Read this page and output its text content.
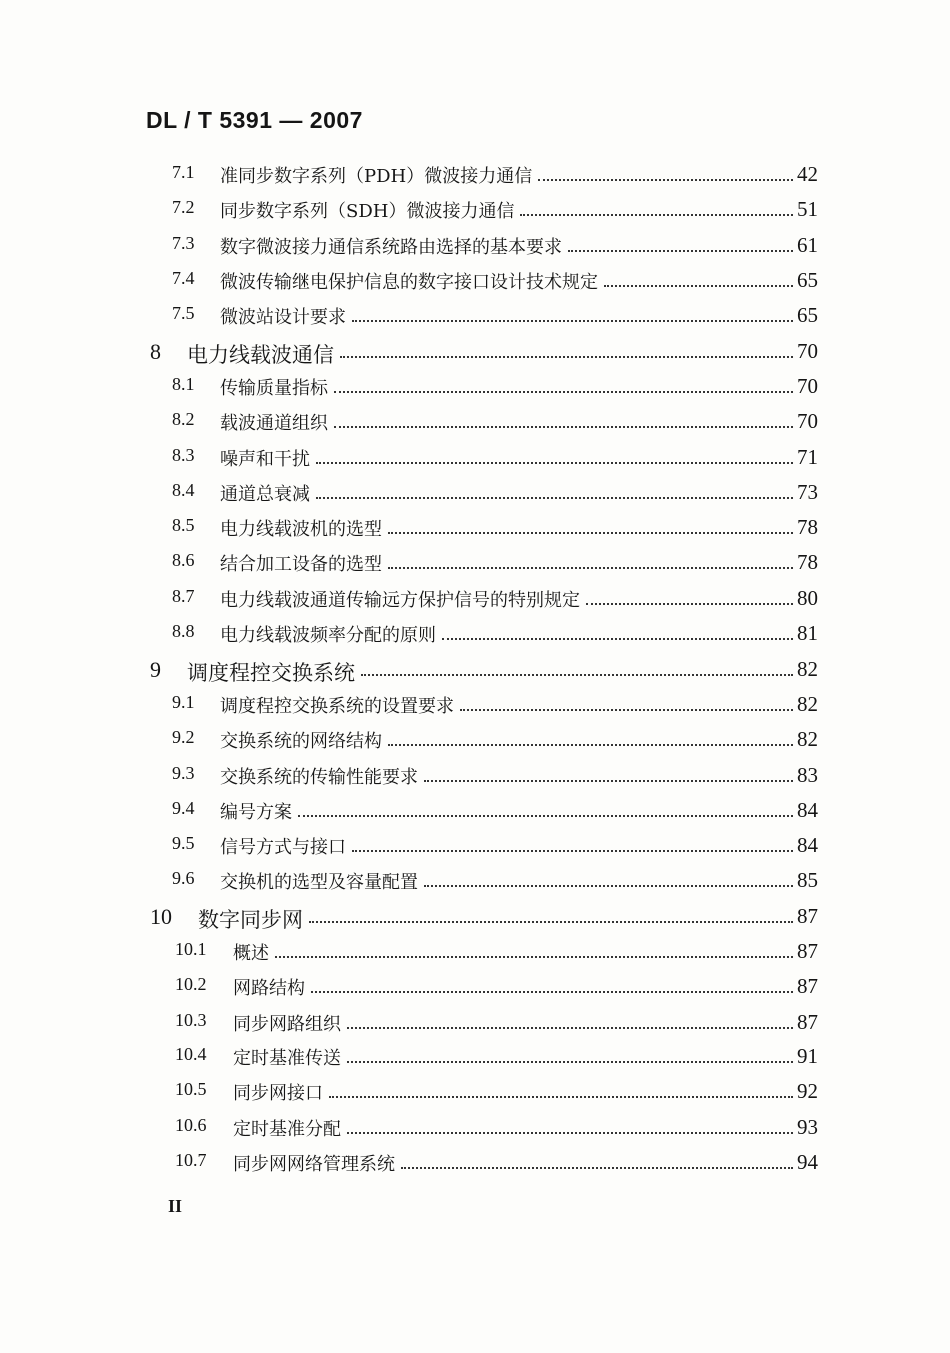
DL / T 5391 — 2007
7.1 准同步数字系列（PDH）微波接力通信	42
7.2 同步数字系列（SDH）微波接力通信	51
7.3 数字微波接力通信系统路由选择的基本要求	61
7.4 微波传输继电保护信息的数字接口设计技术规定	65
7.5 微波站设计要求	65
8 电力线载波通信	70
8.1 传输质量指标	70
8.2 载波通道组织	70
8.3 噪声和干扰	71
8.4 通道总衰减	73
8.5 电力线载波机的选型	78
8.6 结合加工设备的选型	78
8.7 电力线载波通道传输远方保护信号的特别规定	80
8.8 电力线载波频率分配的原则	81
9 调度程控交换系统	82
9.1 调度程控交换系统的设置要求	82
9.2 交换系统的网络结构	82
9.3 交换系统的传输性能要求	83
9.4 编号方案	84
9.5 信号方式与接口	84
9.6 交换机的选型及容量配置	85
10 数字同步网	87
10.1 概述	87
10.2 网路结构	87
10.3 同步网路组织	87
10.4 定时基准传送	91
10.5 同步网接口	92
10.6 定时基准分配	93
10.7 同步网网络管理系统	94
II
